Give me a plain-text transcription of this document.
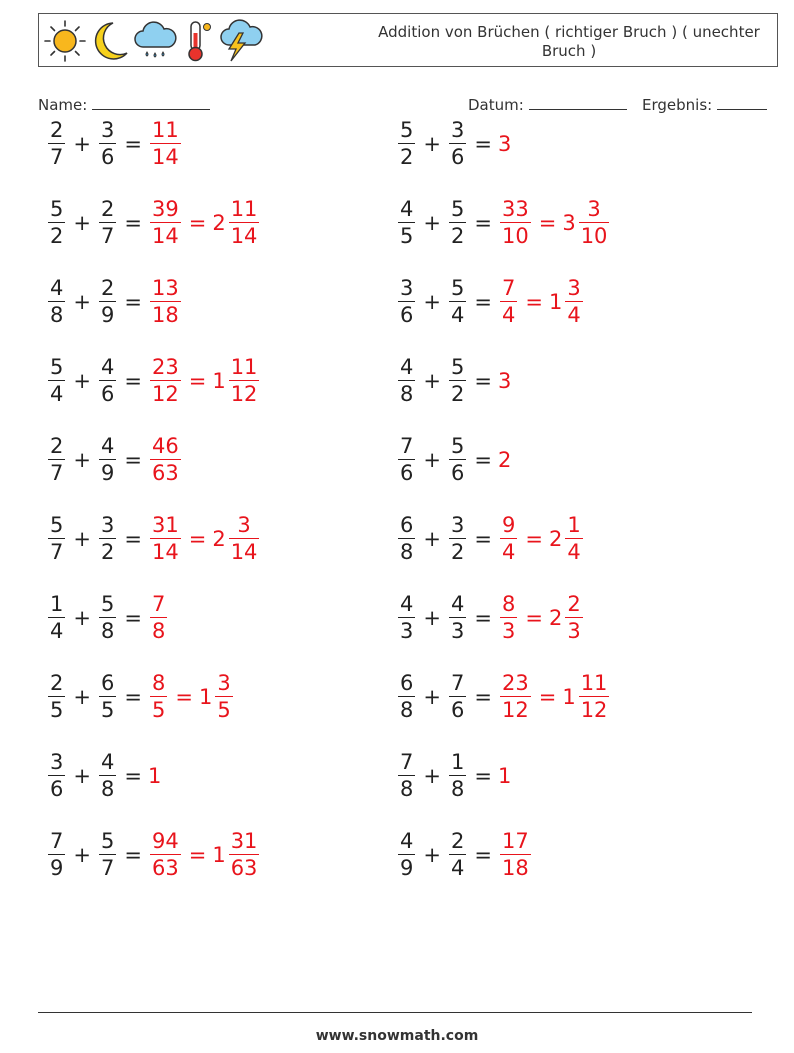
Addition von Brüchen ( richtiger Bruch ) ( unechter Bruch )
Name:	Datum:	Ergebnis:
$\frac{2}{7} + \frac{3}{6} = \frac{11}{14}$	$\frac{5}{2} + \frac{3}{6} = 3$
$\frac{5}{2} + \frac{2}{7} = \frac{39}{14} = 2 \frac{11}{14}$	$\frac{4}{5} + \frac{5}{2} = \frac{33}{10} = 3 \frac{3}{10}$
$\frac{4}{8} + \frac{2}{9} = \frac{13}{18}$	$\frac{3}{6} + \frac{5}{4} = \frac{7}{4} = 1 \frac{3}{4}$
$\frac{5}{4} + \frac{4}{6} = \frac{23}{12} = 1 \frac{11}{12}$	$\frac{4}{8} + \frac{5}{2} = 3$
$\frac{2}{7} + \frac{4}{9} = \frac{46}{63}$	$\frac{7}{6} + \frac{5}{6} = 2$
$\frac{5}{7} + \frac{3}{2} = \frac{31}{14} = 2 \frac{3}{14}$	$\frac{6}{8} + \frac{3}{2} = \frac{9}{4} = 2 \frac{1}{4}$
$\frac{1}{4} + \frac{5}{8} = \frac{7}{8}$	$\frac{4}{3} + \frac{4}{3} = \frac{8}{3} = 2 \frac{2}{3}$
$\frac{2}{5} + \frac{6}{5} = \frac{8}{5} = 1 \frac{3}{5}$	$\frac{6}{8} + \frac{7}{6} = \frac{23}{12} = 1 \frac{11}{12}$
$\frac{3}{6} + \frac{4}{8} = 1$	$\frac{7}{8} + \frac{1}{8} = 1$
$\frac{7}{9} + \frac{5}{7} = \frac{94}{63} = 1 \frac{31}{63}$	$\frac{4}{9} + \frac{2}{4} = \frac{17}{18}$
www.snowmath.com
